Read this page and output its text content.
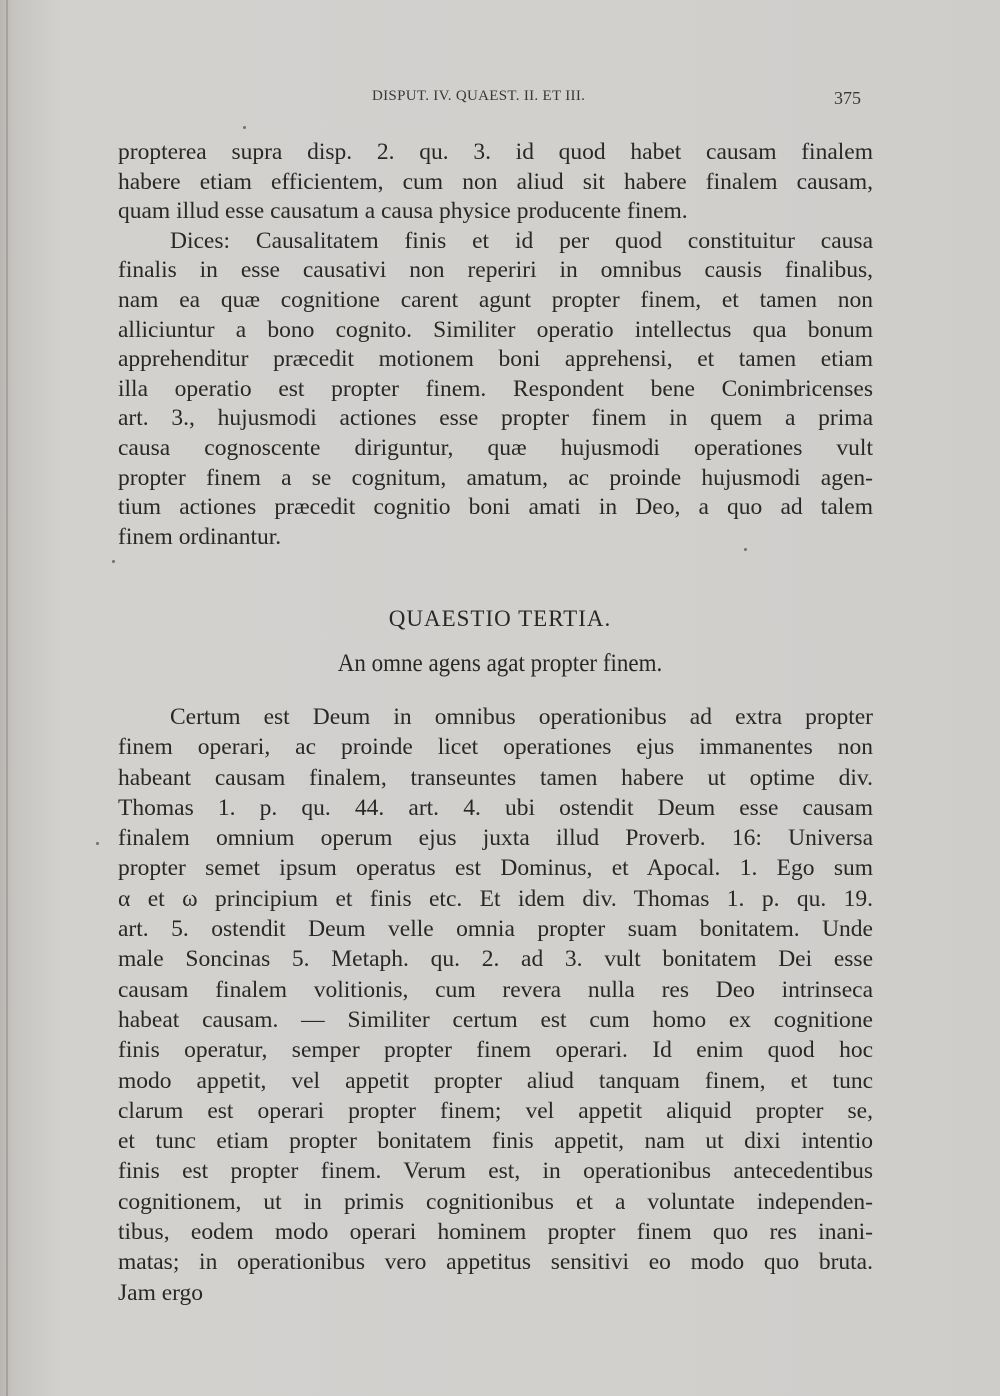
DISPUT. IV. QUAEST. II. ET III.	375
propterea supra disp. 2. qu. 3. id quod habet causam finalem
habere etiam efficientem, cum non aliud sit habere finalem causam,
quam illud esse causatum a causa physice producente finem.
Dices: Causalitatem finis et id per quod constituitur causa
finalis in esse causativi non reperiri in omnibus causis finalibus,
nam ea quæ cognitione carent agunt propter finem, et tamen non
alliciuntur a bono cognito. Similiter operatio intellectus qua bonum
apprehenditur præcedit motionem boni apprehensi, et tamen etiam
illa operatio est propter finem. Respondent bene Conimbricenses
art. 3., hujusmodi actiones esse propter finem in quem a prima
causa cognoscente diriguntur, quæ hujusmodi operationes vult
propter finem a se cognitum, amatum, ac proinde hujusmodi agen-
tium actiones præcedit cognitio boni amati in Deo, a quo ad talem
finem ordinantur.
QUAESTIO TERTIA.
An omne agens agat propter finem.
Certum est Deum in omnibus operationibus ad extra propter
finem operari, ac proinde licet operationes ejus immanentes non
habeant causam finalem, transeuntes tamen habere ut optime div.
Thomas 1. p. qu. 44. art. 4. ubi ostendit Deum esse causam
finalem omnium operum ejus juxta illud Proverb. 16: Universa
propter semet ipsum operatus est Dominus, et Apocal. 1. Ego sum
α et ω principium et finis etc. Et idem div. Thomas 1. p. qu. 19.
art. 5. ostendit Deum velle omnia propter suam bonitatem. Unde
male Soncinas 5. Metaph. qu. 2. ad 3. vult bonitatem Dei esse
causam finalem volitionis, cum revera nulla res Deo intrinseca
habeat causam. — Similiter certum est cum homo ex cognitione
finis operatur, semper propter finem operari. Id enim quod hoc
modo appetit, vel appetit propter aliud tanquam finem, et tunc
clarum est operari propter finem; vel appetit aliquid propter se,
et tunc etiam propter bonitatem finis appetit, nam ut dixi intentio
finis est propter finem. Verum est, in operationibus antecedentibus
cognitionem, ut in primis cognitionibus et a voluntate independen-
tibus, eodem modo operari hominem propter finem quo res inani-
matas; in operationibus vero appetitus sensitivi eo modo quo bruta.
Jam ergo
